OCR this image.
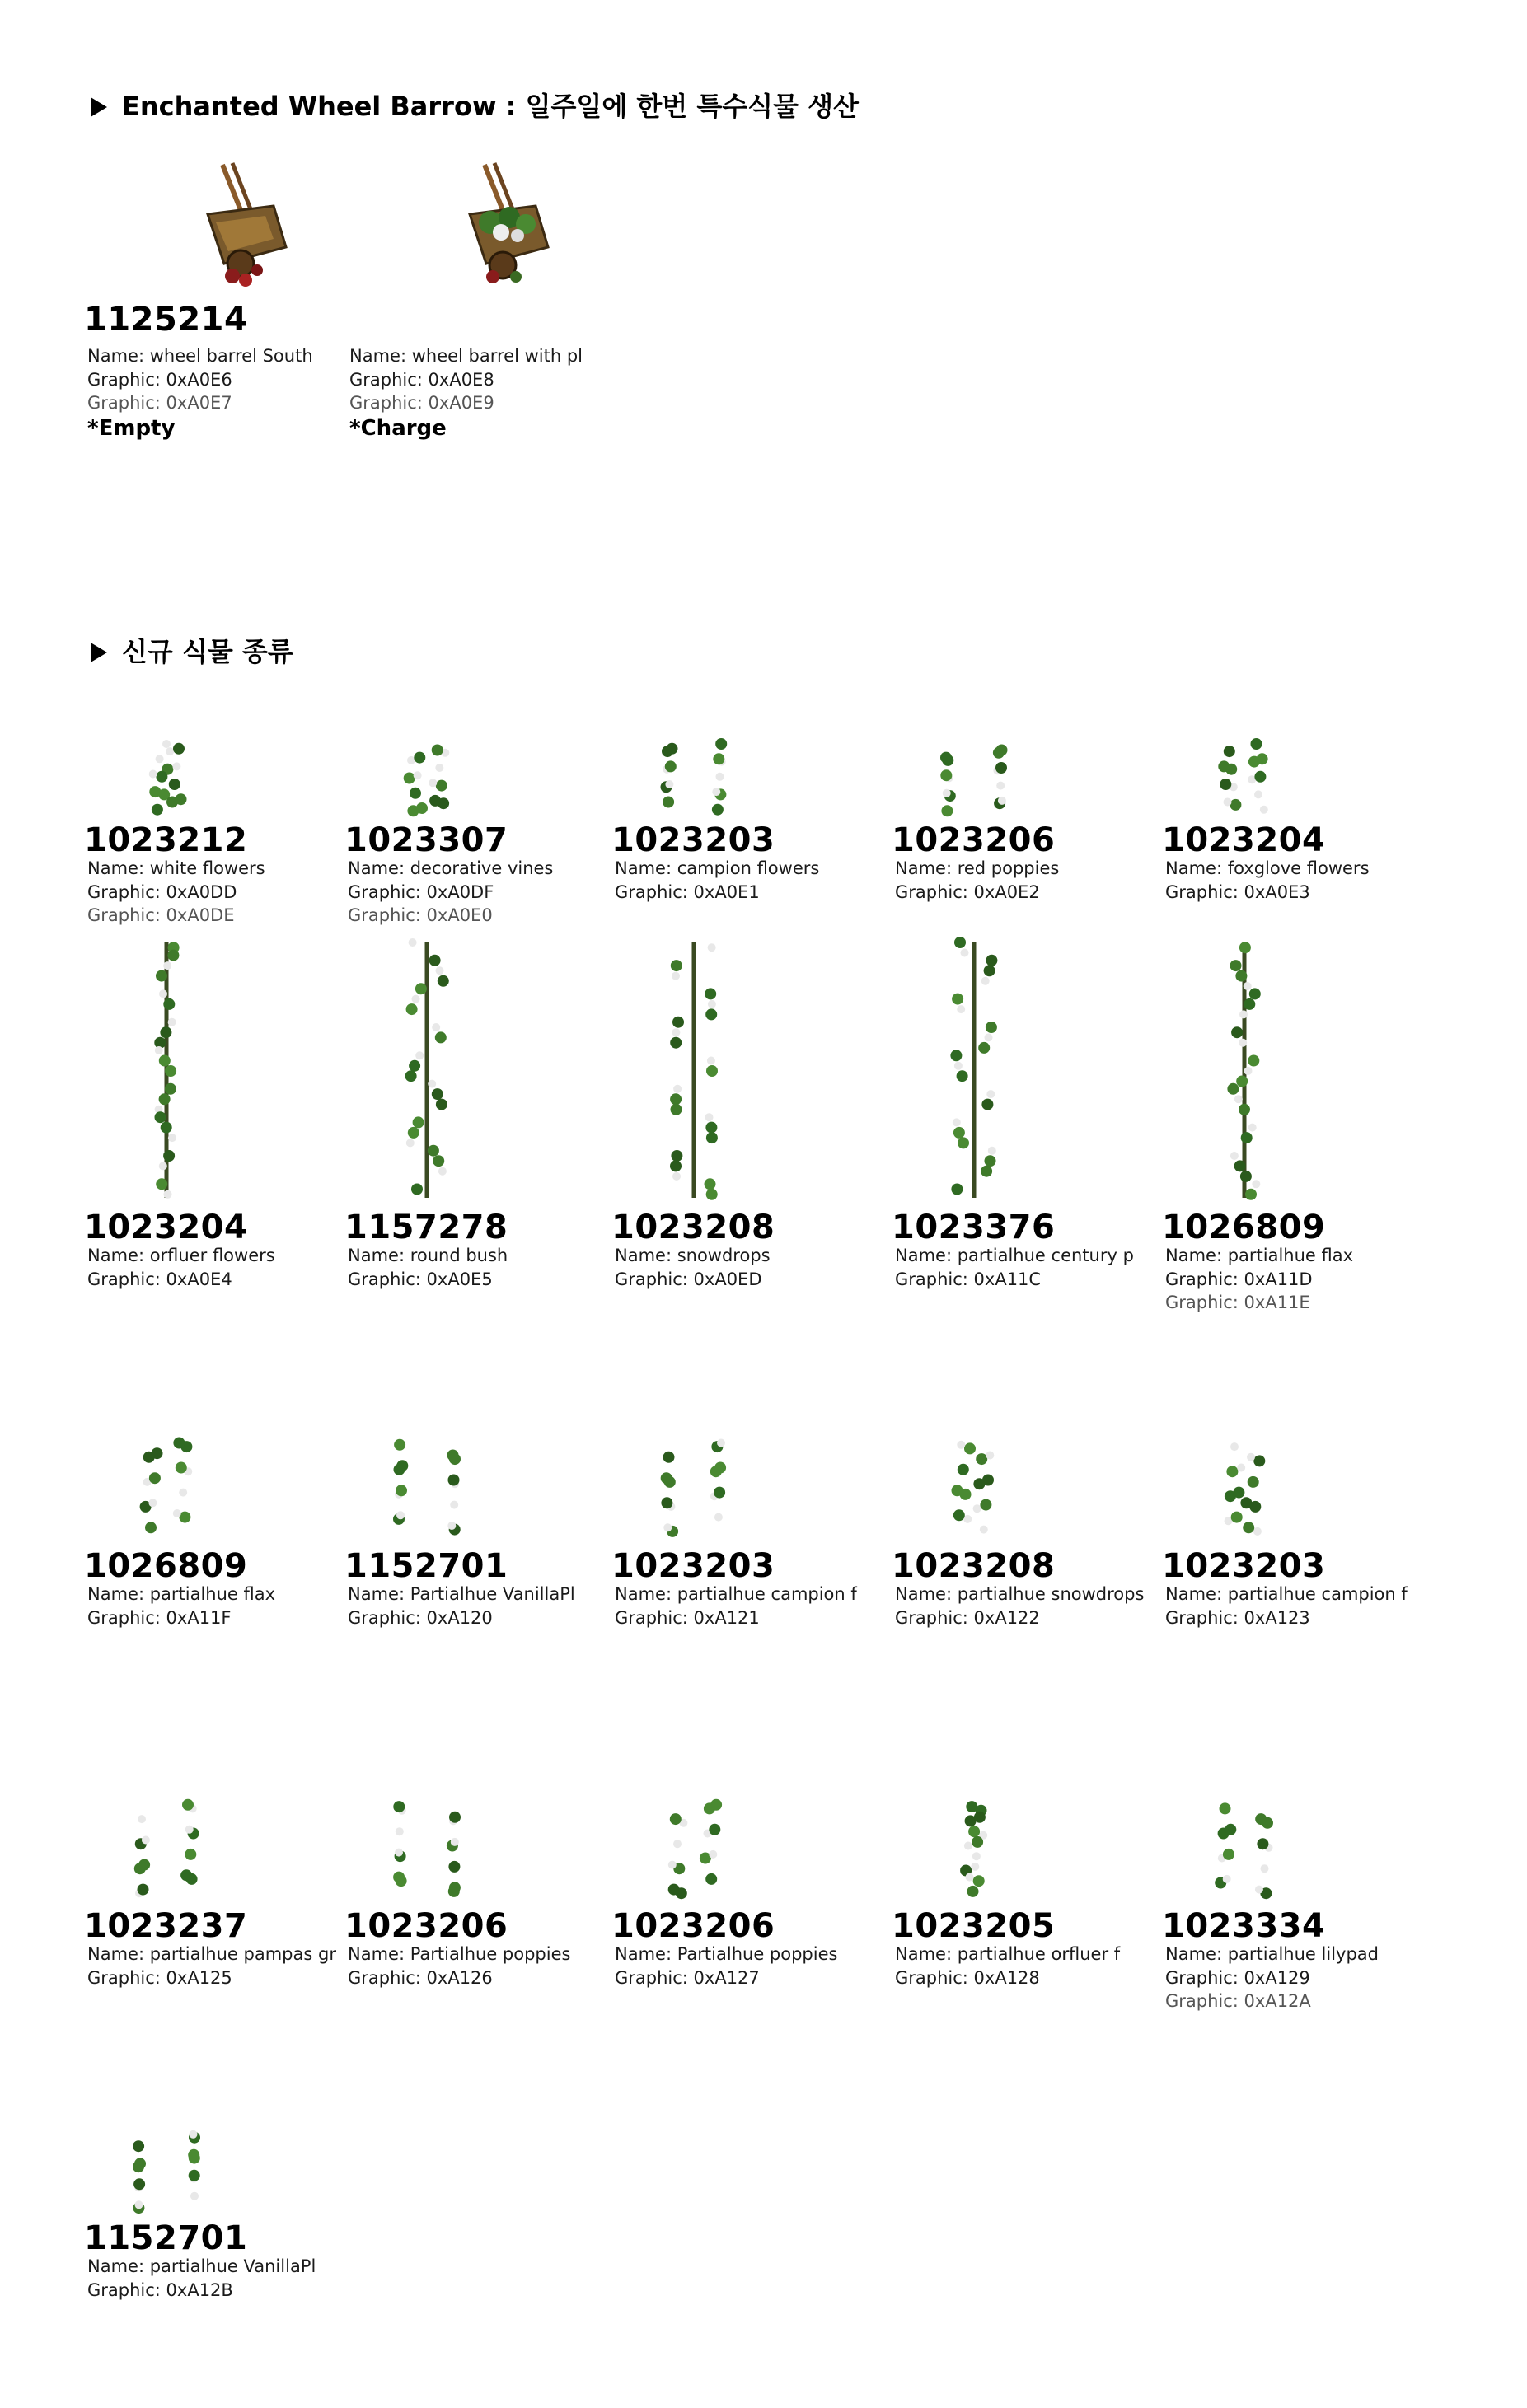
Enchanted Wheel Barrow : 일주일에 한번 특수식물 생산
1125214
Name: wheel barrel South
Graphic: 0xA0E6
Graphic: 0xA0E7
*Empty
Name: wheel barrel with pl
Graphic: 0xA0E8
Graphic: 0xA0E9
*Charge
신규 식물 종류
1023212
Name: white flowers
Graphic: 0xA0DD
Graphic: 0xA0DE
1023307
Name: decorative vines
Graphic: 0xA0DF
Graphic: 0xA0E0
1023203
Name: campion flowers
Graphic: 0xA0E1
1023206
Name: red poppies
Graphic: 0xA0E2
1023204
Name: foxglove flowers
Graphic: 0xA0E3
1023204
Name: orfluer flowers
Graphic: 0xA0E4
1157278
Name: round bush
Graphic: 0xA0E5
1023208
Name: snowdrops
Graphic: 0xA0ED
1023376
Name: partialhue century p
Graphic: 0xA11C
1026809
Name: partialhue flax
Graphic: 0xA11D
Graphic: 0xA11E
1026809
Name: partialhue flax
Graphic: 0xA11F
1152701
Name: Partialhue VanillaPl
Graphic: 0xA120
1023203
Name: partialhue campion f
Graphic: 0xA121
1023208
Name: partialhue snowdrops
Graphic: 0xA122
1023203
Name: partialhue campion f
Graphic: 0xA123
1023237
Name: partialhue pampas gr
Graphic: 0xA125
1023206
Name: Partialhue poppies
Graphic: 0xA126
1023206
Name: Partialhue poppies
Graphic: 0xA127
1023205
Name: partialhue orfluer f
Graphic: 0xA128
1023334
Name: partialhue lilypad
Graphic: 0xA129
Graphic: 0xA12A
1152701
Name: partialhue VanillaPl
Graphic: 0xA12B
